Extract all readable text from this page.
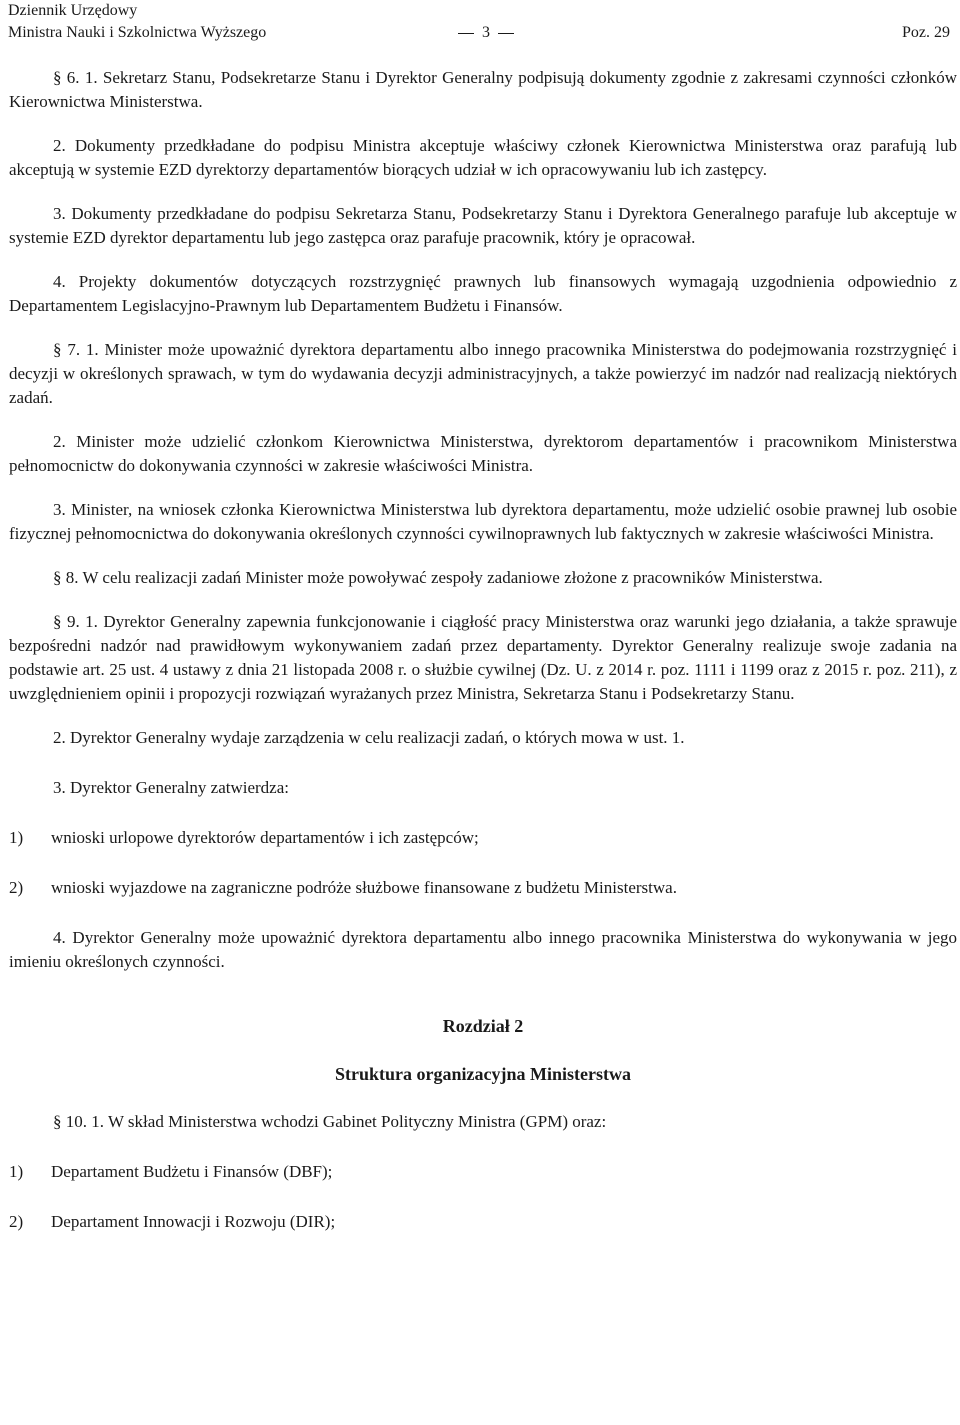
Dziennik Urzędowy
Ministra Nauki i Szkolnictwa Wyższego	3	Poz. 29

§ 6. 1. Sekretarz Stanu, Podsekretarze Stanu i Dyrektor Generalny podpisują dokumenty zgodnie z zakresami czynności członków Kierownictwa Ministerstwa.

2. Dokumenty przedkładane do podpisu Ministra akceptuje właściwy członek Kierownictwa Ministerstwa oraz parafują lub akceptują w systemie EZD dyrektorzy departamentów biorących udział w ich opracowywaniu lub ich zastępcy.

3. Dokumenty przedkładane do podpisu Sekretarza Stanu, Podsekretarzy Stanu i Dyrektora Generalnego parafuje lub akceptuje w systemie EZD dyrektor departamentu lub jego zastępca oraz parafuje pracownik, który je opracował.

4. Projekty dokumentów dotyczących rozstrzygnięć prawnych lub finansowych wymagają uzgodnienia odpowiednio z Departamentem Legislacyjno-Prawnym lub Departamentem Budżetu i Finansów.

§ 7. 1. Minister może upoważnić dyrektora departamentu albo innego pracownika Ministerstwa do podejmowania rozstrzygnięć i decyzji w określonych sprawach, w tym do wydawania decyzji administracyjnych, a także powierzyć im nadzór nad realizacją niektórych zadań.

2. Minister może udzielić członkom Kierownictwa Ministerstwa, dyrektorom departamentów i pracownikom Ministerstwa pełnomocnictw do dokonywania czynności w zakresie właściwości Ministra.

3. Minister, na wniosek członka Kierownictwa Ministerstwa lub dyrektora departamentu, może udzielić osobie prawnej lub osobie fizycznej pełnomocnictwa do dokonywania określonych czynności cywilnoprawnych lub faktycznych w zakresie właściwości Ministra.

§ 8. W celu realizacji zadań Minister może powoływać zespoły zadaniowe złożone z pracowników Ministerstwa.

§ 9. 1. Dyrektor Generalny zapewnia funkcjonowanie i ciągłość pracy Ministerstwa oraz warunki jego działania, a także sprawuje bezpośredni nadzór nad prawidłowym wykonywaniem zadań przez departamenty. Dyrektor Generalny realizuje swoje zadania na podstawie art. 25 ust. 4 ustawy z dnia 21 listopada 2008 r. o służbie cywilnej (Dz. U. z 2014 r. poz. 1111 i 1199 oraz z 2015 r. poz. 211), z uwzględnieniem opinii i propozycji rozwiązań wyrażanych przez Ministra, Sekretarza Stanu i Podsekretarzy Stanu.

2. Dyrektor Generalny wydaje zarządzenia w celu realizacji zadań, o których mowa w ust. 1.

3. Dyrektor Generalny zatwierdza:

1)	wnioski urlopowe dyrektorów departamentów i ich zastępców;
2)	wnioski wyjazdowe na zagraniczne podróże służbowe finansowane z budżetu Ministerstwa.

4. Dyrektor Generalny może upoważnić dyrektora departamentu albo innego pracownika Ministerstwa do wykonywania w jego imieniu określonych czynności.

Rozdział 2
Struktura organizacyjna Ministerstwa

§ 10. 1. W skład Ministerstwa wchodzi Gabinet Polityczny Ministra (GPM) oraz:

1)	Departament Budżetu i Finansów (DBF);
2)	Departament Innowacji i Rozwoju (DIR);
